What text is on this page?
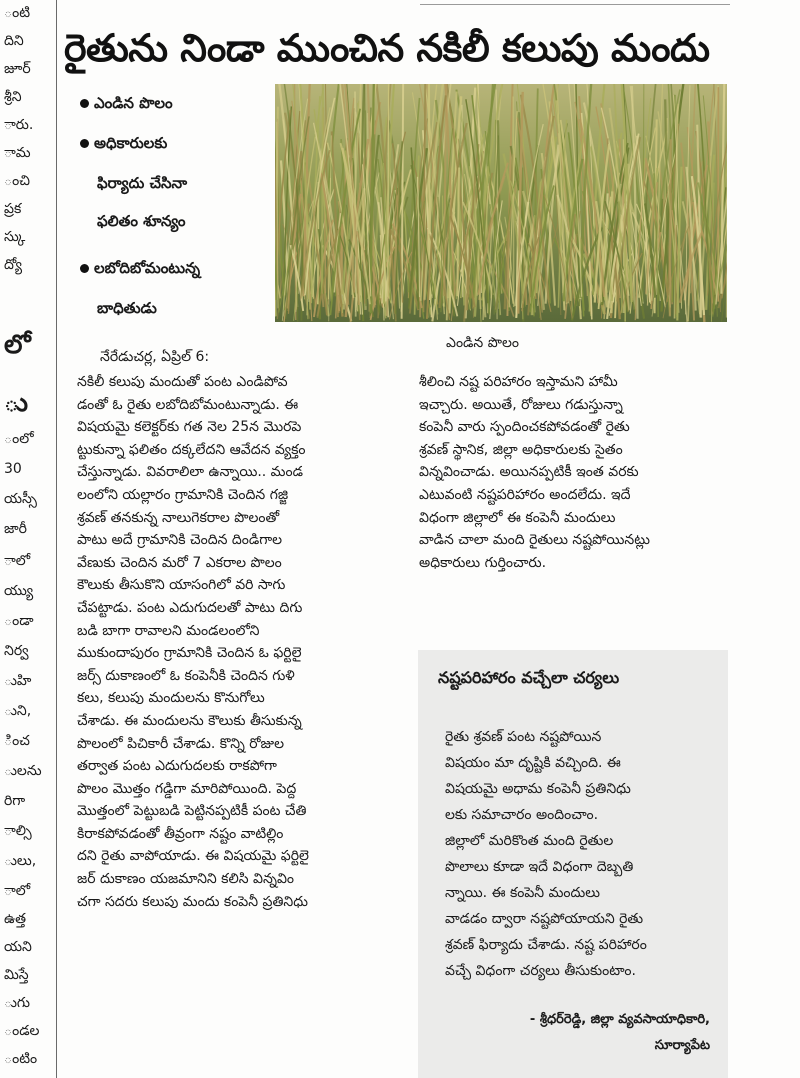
ంటి
దిని
జూర్
శ్రీని
ారు.
ామ
ంచి
ప్రక
స్కు
ద్యో
ంలో
30
యస్సీ
జారీ
ాలో
య్యు
ండా
నిర్వ
ుహి
ుని,
ించ
ులను
రిగా
ాల్సి
ులు,
ాలో
ఉత్త
యని
మిస్తే
ుగు
ండల
ంటిం
లో
ు
రైతును నిండా ముంచిన నకిలీ కలుపు మందు
ఎండిన పొలం
అధికారులకు
ఫిర్యాదు చేసినా
ఫలితం శూన్యం
లబోదిబోమంటున్న
బాధితుడు
ఎండిన పొలం
నేరేడుచర్ల, ఏప్రిల్ 6:

నకిలీ కలుపు మందుతో పంట ఎండిపోవ

డంతో ఓ రైతు లబోదిబోమంటున్నాడు. ఈ

విషయమై కలెక్టర్‌కు గత నెల 25న మొరపె

ట్టుకున్నా ఫలితం దక్కలేదని ఆవేదన వ్యక్తం

చేస్తున్నాడు. వివరాలిలా ఉన్నాయి.. మండ

లంలోని యల్లారం గ్రామానికి చెందిన గజ్జి

శ్రవణ్ తనకున్న నాలుగెకరాల పొలంతో

పాటు అదే గ్రామానికి చెందిన దిండిగాల

వేణుకు చెందిన మరో 7 ఎకరాల పొలం

కౌలుకు తీసుకొని యాసంగిలో వరి సాగు

చేపట్టాడు. పంట ఎదుగుదలతో పాటు దిగు

బడి బాగా రావాలని మండలంలోని

ముకుందాపురం గ్రామానికి చెందిన ఓ ఫర్టిలై

జర్స్ దుకాణంలో ఓ కంపెనీకి చెందిన గుళి

కలు, కలుపు మందులను కొనుగోలు

చేశాడు. ఈ మందులను కౌలుకు తీసుకున్న

పొలంలో పిచికారీ చేశాడు. కొన్ని రోజుల

తర్వాత పంట ఎదుగుదలకు రాకపోగా

పొలం మొత్తం గడ్డిగా మారిపోయింది. పెద్ద

మొత్తంలో పెట్టుబడి పెట్టినప్పటికీ పంట చేతి

కిరాకపోవడంతో తీవ్రంగా నష్టం వాటిల్లిం

దని రైతు వాపోయాడు. ఈ విషయమై ఫర్టిలై

జర్ దుకాణం యజమానిని కలిసి విన్నవిం

చగా సదరు కలుపు మందు కంపెనీ ప్రతినిధు

శీలించి నష్ట పరిహారం ఇస్తామని హామీ

ఇచ్చారు. అయితే, రోజులు గడుస్తున్నా

కంపెనీ వారు స్పందించకపోవడంతో రైతు

శ్రవణ్ స్థానిక, జిల్లా అధికారులకు సైతం

విన్నవించాడు. అయినప్పటికీ ఇంత వరకు

ఎటువంటి నష్టపరిహారం అందలేదు. ఇదే

విధంగా జిల్లాలో ఈ కంపెనీ మందులు

వాడిన చాలా మంది రైతులు నష్టపోయినట్లు

అధికారులు గుర్తించారు.

నష్టపరిహారం వచ్చేలా చర్యలు

రైతు శ్రవణ్ పంట నష్టపోయిన

విషయం మా దృష్టికి వచ్చింది. ఈ

విషయమై అధామ కంపెనీ ప్రతినిధు

లకు సమాచారం అందించాం.

జిల్లాలో మరికొంత మంది రైతుల

పొలాలు కూడా ఇదే విధంగా దెబ్బతి

న్నాయి. ఈ కంపెనీ మందులు

వాడడం ద్వారా నష్టపోయాయని రైతు

శ్రవణ్ ఫిర్యాదు చేశాడు. నష్ట పరిహారం

వచ్చే విధంగా చర్యలు తీసుకుంటాం.

- శ్రీధర్‌రెడ్డి, జిల్లా వ్యవసాయాధికారి,
సూర్యాపేట
